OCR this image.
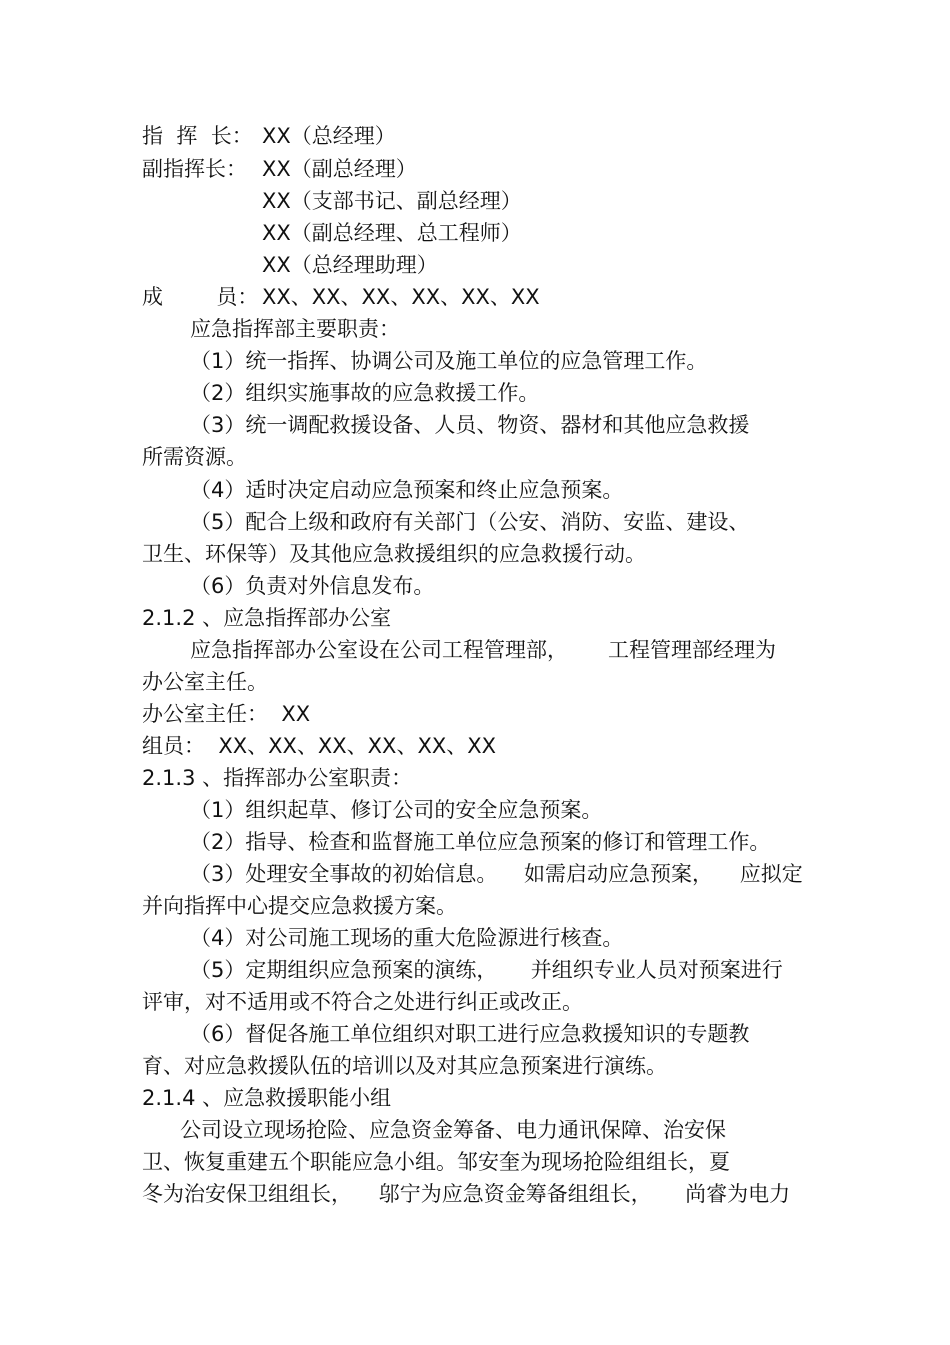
指  挥  长： XX（总经理）

副指挥长： XX（副总经理）

XX（支部书记、副总经理）

XX（副总经理、总工程师）

XX（总经理助理）

成        员： XX、XX、XX、XX、XX、XX

应急指挥部主要职责：

（1）统一指挥、协调公司及施工单位的应急管理工作。

（2）组织实施事故的应急救援工作。

（3）统一调配救援设备、人员、物资、器材和其他应急救援

所需资源。

（4）适时决定启动应急预案和终止应急预案。

（5）配合上级和政府有关部门（公安、消防、安监、建设、

卫生、环保等）及其他应急救援组织的应急救援行动。

（6）负责对外信息发布。

2.1.2 、应急指挥部办公室

应急指挥部办公室设在公司工程管理部，      工程管理部经理为

办公室主任。

办公室主任：  XX

组员：  XX、XX、XX、XX、XX、XX

2.1.3 、指挥部办公室职责：

（1）组织起草、修订公司的安全应急预案。

（2）指导、检查和监督施工单位应急预案的修订和管理工作。

（3）处理安全事故的初始信息。    如需启动应急预案，    应拟定

并向指挥中心提交应急救援方案。

（4）对公司施工现场的重大危险源进行核查。

（5）定期组织应急预案的演练，     并组织专业人员对预案进行

评审，对不适用或不符合之处进行纠正或改正。

（6）督促各施工单位组织对职工进行应急救援知识的专题教

育、对应急救援队伍的培训以及对其应急预案进行演练。

2.1.4 、应急救援职能小组

公司设立现场抢险、应急资金筹备、电力通讯保障、治安保

卫、恢复重建五个职能应急小组。邹安奎为现场抢险组组长，夏

冬为治安保卫组组长，    邬宁为应急资金筹备组组长，     尚睿为电力
